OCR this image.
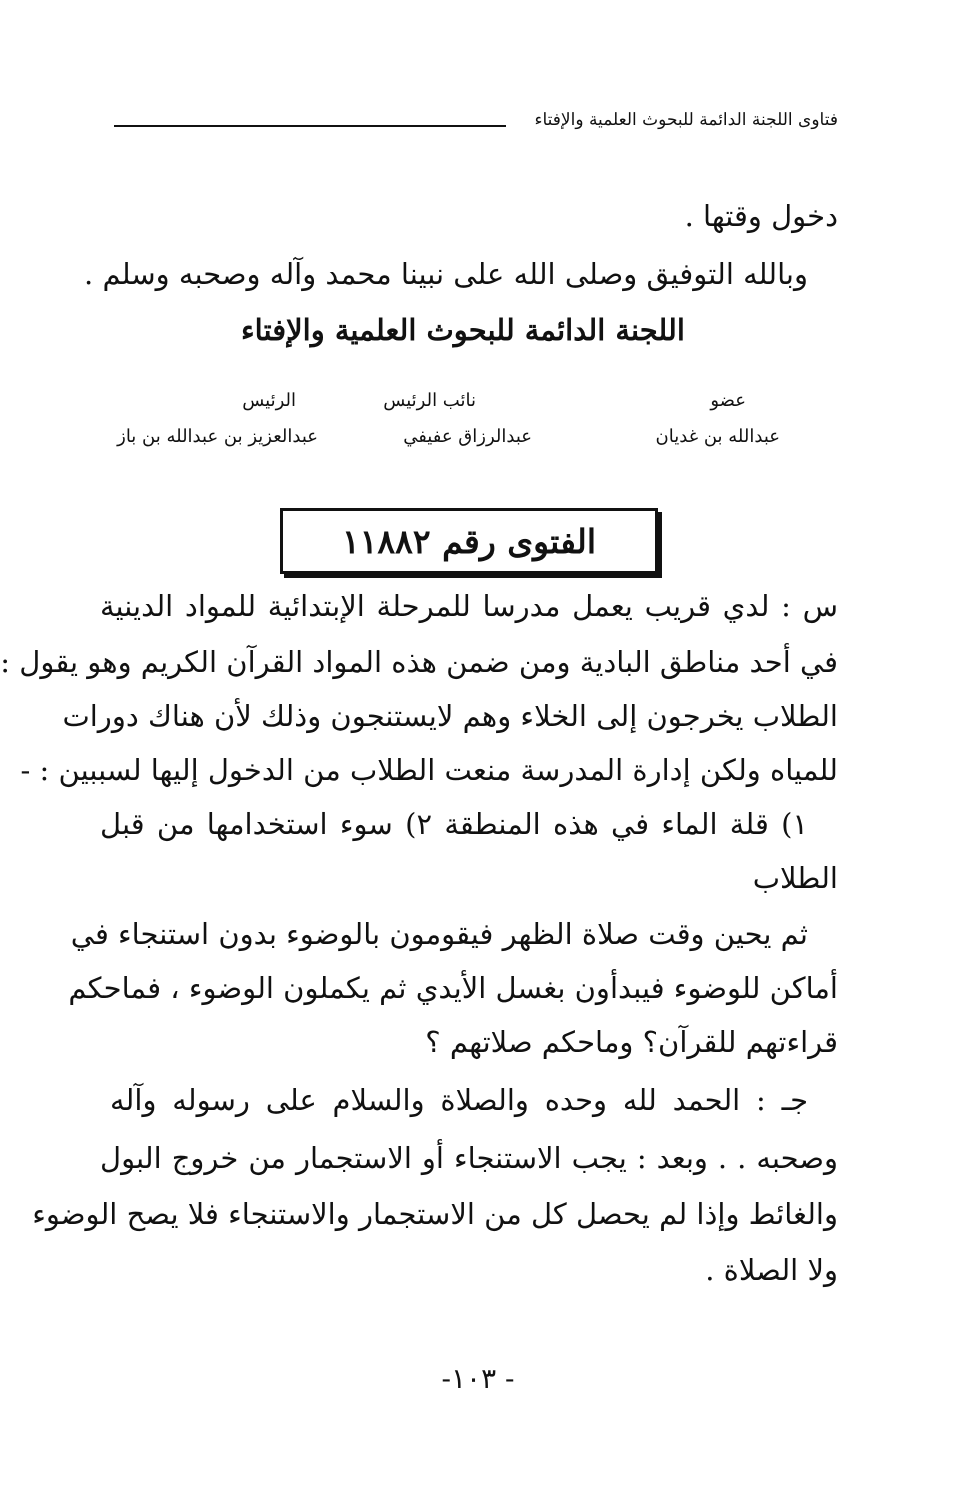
فتاوى اللجنة الدائمة للبحوث العلمية والإفتاء
دخول وقتها .
وبالله التوفيق وصلى الله على نبينا محمد وآله وصحبه وسلم .
اللجنة الدائمة للبحوث العلمية والإفتاء
عضو
نائب الرئيس
الرئيس
عبدالله بن غديان
عبدالرزاق عفيفي
عبدالعزيز بن عبدالله بن باز
الفتوى رقم ١١٨٨٢
س : لدي قريب يعمل مدرسا للمرحلة الإبتدائية للمواد الدينية
في أحد مناطق البادية ومن ضمن هذه المواد القرآن الكريم وهو يقول :
الطلاب يخرجون إلى الخلاء وهم لايستنجون وذلك لأن هناك دورات
للمياه ولكن إدارة المدرسة منعت الطلاب من الدخول إليها لسببين : -
١) قلة الماء في هذه المنطقة ٢) سوء استخدامها من قبل
الطلاب
ثم يحين وقت صلاة الظهر فيقومون بالوضوء بدون استنجاء في
أماكن للوضوء فيبدأون بغسل الأيدي ثم يكملون الوضوء ، فماحكم
قراءتهم للقرآن؟ وماحكم صلاتهم ؟
جـ : الحمد لله وحده والصلاة والسلام على رسوله وآله
وصحبه . . وبعد : يجب الاستنجاء أو الاستجمار من خروج البول
والغائط وإذا لم يحصل كل من الاستجمار والاستنجاء فلا يصح الوضوء
ولا الصلاة .
- ١٠٣-
